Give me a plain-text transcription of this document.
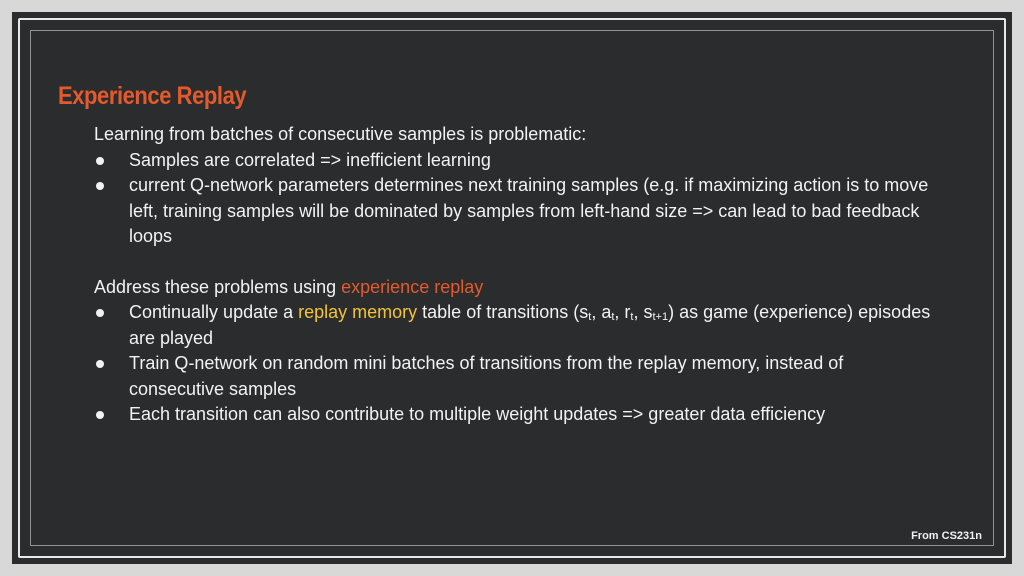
Experience Replay

Learning from batches of consecutive samples is problematic:

Samples are correlated => inefficient learning
current Q-network parameters determines next training samples (e.g. if maximizing action is to move left, training samples will be dominated by samples from left-hand size => can lead to bad feedback loops

Address these problems using experience replay

Continually update a replay memory table of transitions ($s_t$, $a_t$, $r_t$, $s_{t+1}$) as game (experience) episodes are played
Train Q-network on random mini batches of transitions from the replay memory, instead of consecutive samples
Each transition can also contribute to multiple weight updates => greater data efficiency
From CS231n
